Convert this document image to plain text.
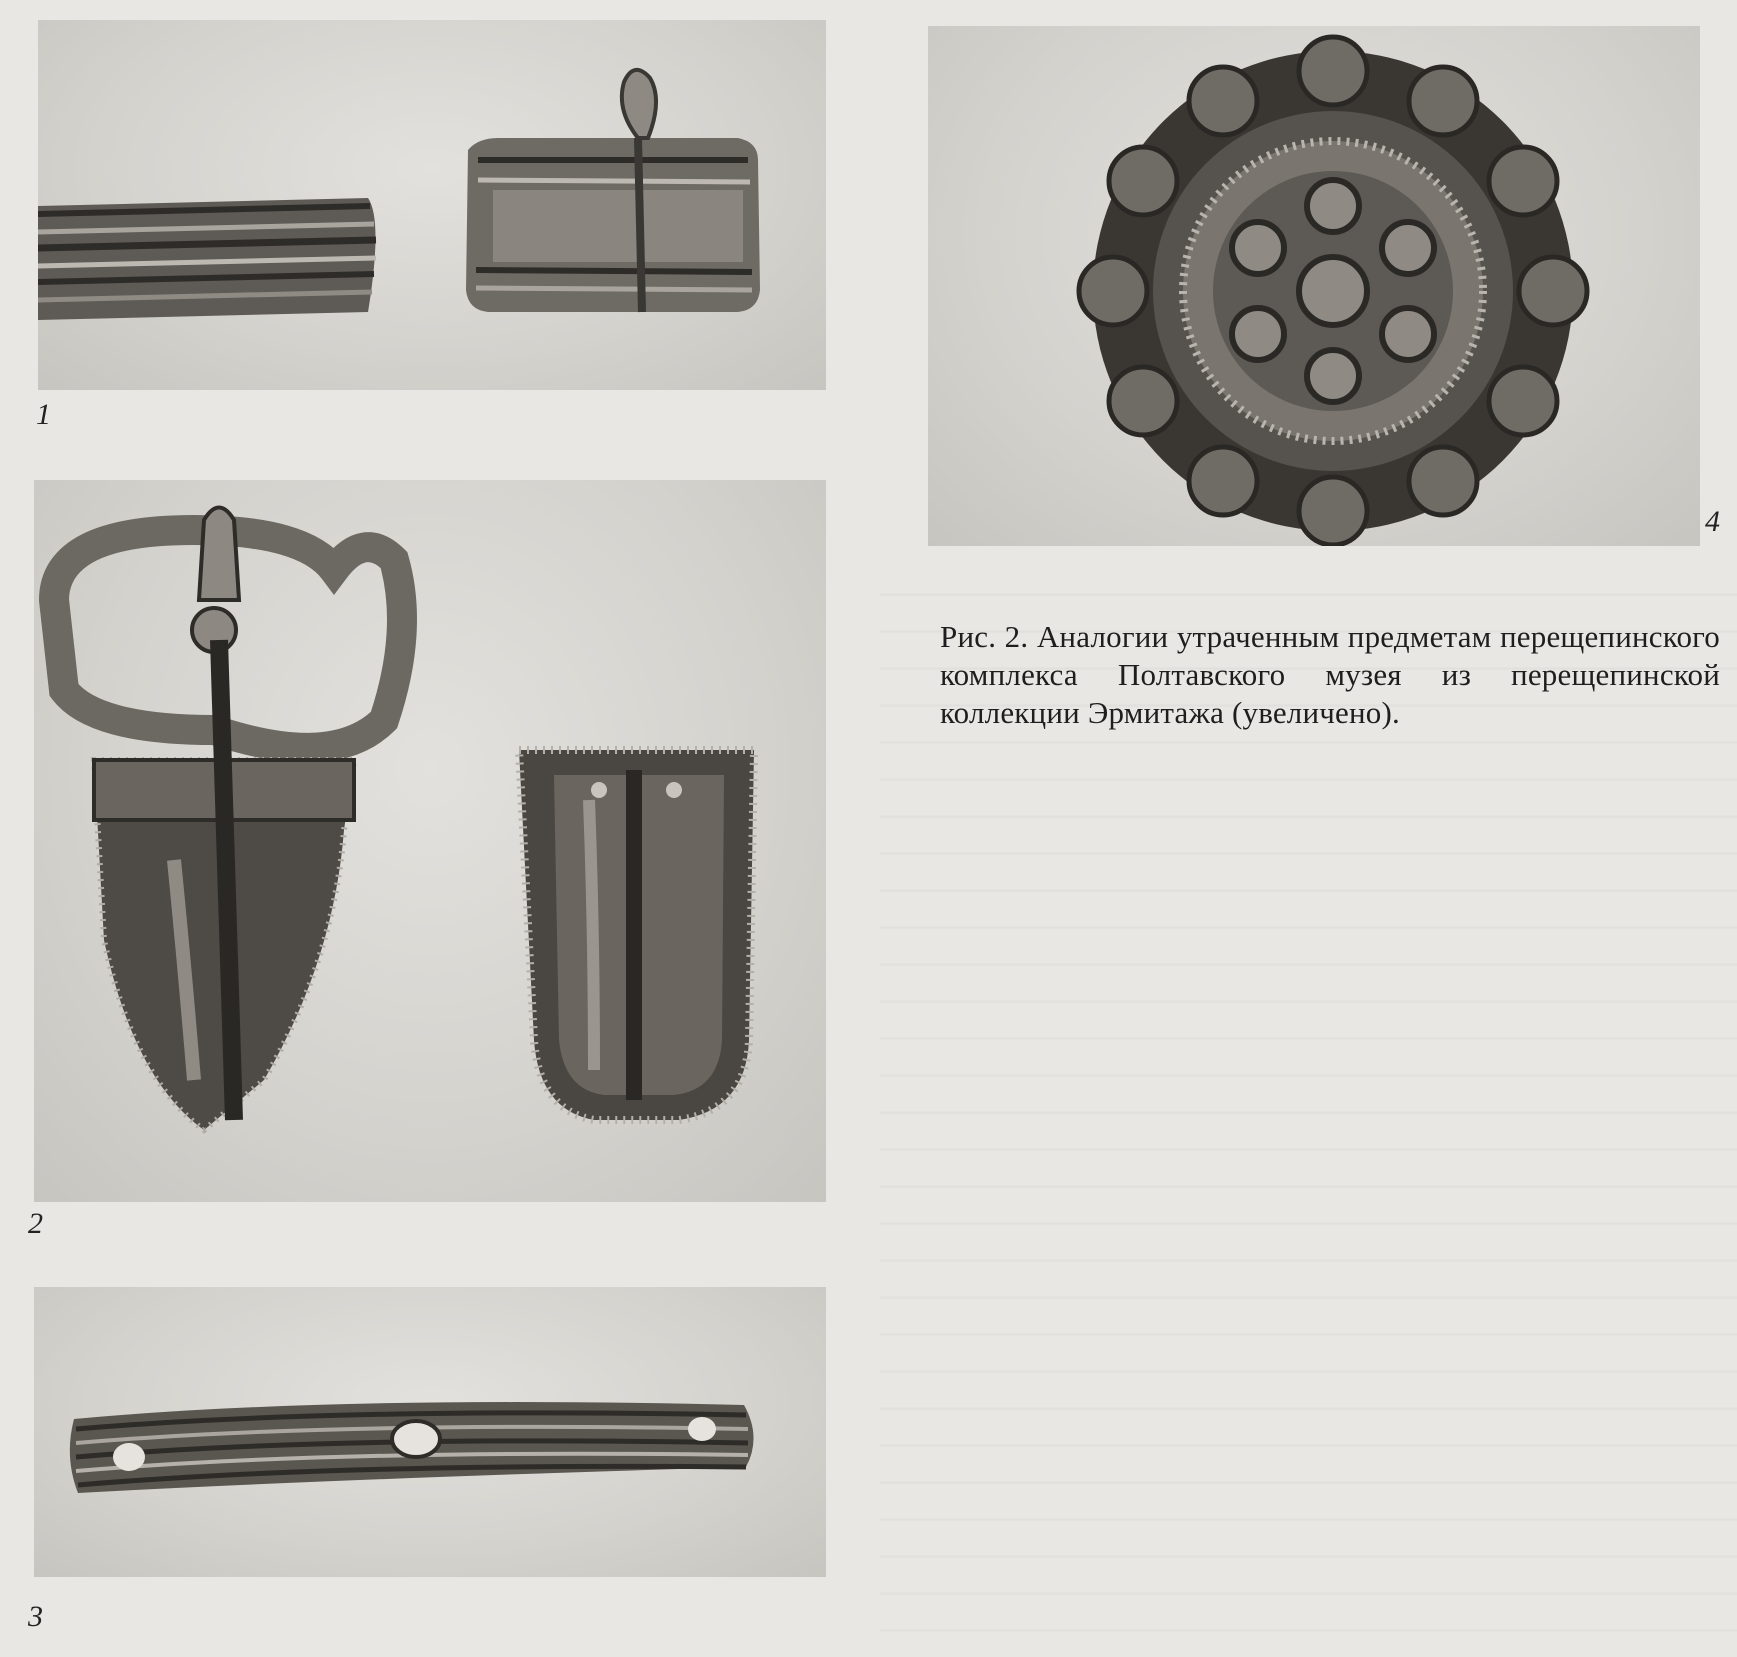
1
4
2
3
Рис. 2. Аналогии утраченным предметам перещепинского комплекса Полтавского музея из перещепинской коллекции Эрмитажа (увеличено).
